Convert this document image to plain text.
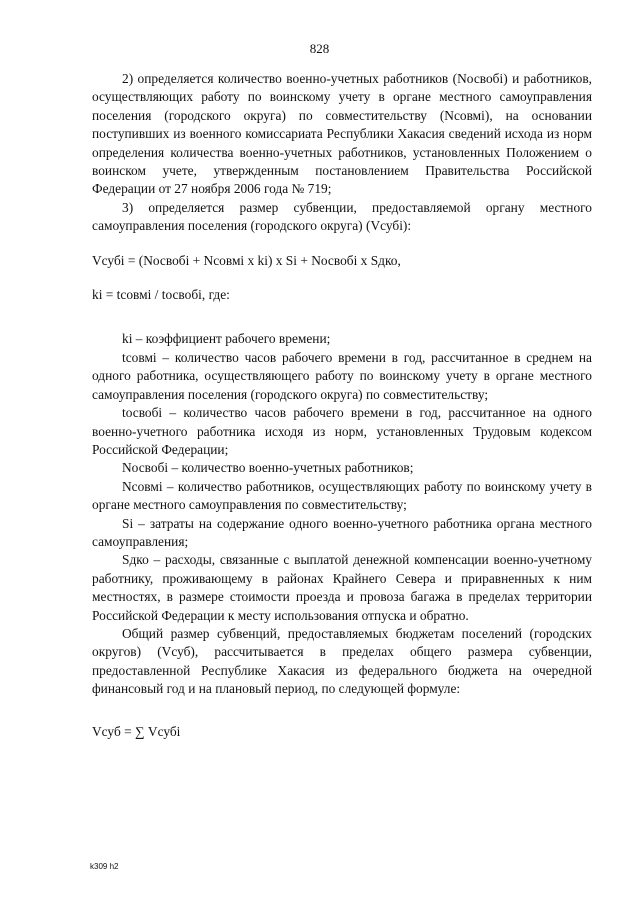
828

2) определяется количество военно-учетных работников (Nосвобi) и работников, осуществляющих работу по воинскому учету в органе местного самоуправления поселения (городского округа) по совместительству (Nсовмi), на основании поступивших из военного комиссариата Республики Хакасия сведений исхода из норм определения количества военно-учетных работников, установленных Положением о воинском учете, утвержденным постановлением Правительства Российской Федерации от 27 ноября 2006 года № 719;

3) определяется размер субвенции, предоставляемой органу местного самоуправления поселения (городского округа) (Vсубi):

Vсубi = (Nосвобi + Nсовмi x ki) x Si + Nосвобi x Sдко,

ki = tсовмi / tосвобi, где:

ki – коэффициент рабочего времени;

tсовмi – количество часов рабочего времени в год, рассчитанное в среднем на одного работника, осуществляющего работу по воинскому учету в органе местного самоуправления поселения (городского округа) по совместительству;

tосвобi – количество часов рабочего времени в год, рассчитанное на одного военно-учетного работника исходя из норм, установленных Трудовым кодексом Российской Федерации;

Nосвобi – количество военно-учетных работников;

Nсовмi – количество работников, осуществляющих работу по воинскому учету в органе местного самоуправления по совместительству;

Si – затраты на содержание одного военно-учетного работника органа местного самоуправления;

Sдко – расходы, связанные с выплатой денежной компенсации военно-учетному работнику, проживающему в районах Крайнего Севера и приравненных к ним местностях, в размере стоимости проезда и провоза багажа в пределах территории Российской Федерации к месту использования отпуска и обратно.

Общий размер субвенций, предоставляемых бюджетам поселений (городских округов) (Vсуб), рассчитывается в пределах общего размера субвенции, предоставленной Республике Хакасия из федерального бюджета на очередной финансовый год и на плановый период, по следующей формуле:

Vсуб = ∑ Vсубi

k309 h2
